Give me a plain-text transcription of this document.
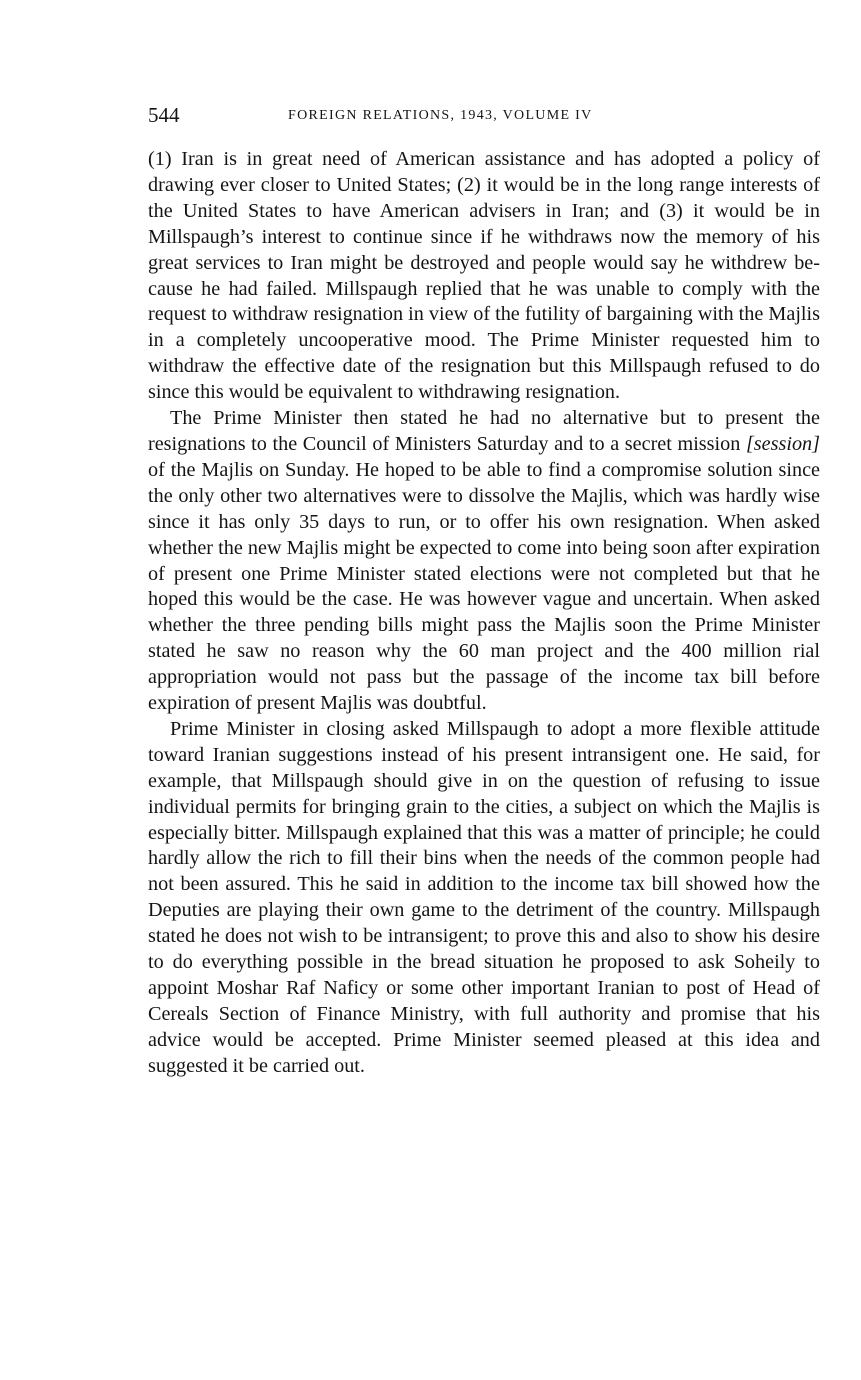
544	FOREIGN RELATIONS, 1943, VOLUME IV

(1) Iran is in great need of American assistance and has adopted a policy of drawing ever closer to United States; (2) it would be in the long range interests of the United States to have American advisers in Iran; and (3) it would be in Millspaugh’s interest to continue since if he withdraws now the memory of his great services to Iran might be destroyed and people would say he withdrew because he had failed. Millspaugh replied that he was unable to comply with the request to withdraw resignation in view of the futility of bargaining with the Majlis in a completely uncooperative mood. The Prime Minister requested him to withdraw the effective date of the resignation but this Millspaugh refused to do since this would be equivalent to withdrawing resignation.

The Prime Minister then stated he had no alternative but to present the resignations to the Council of Ministers Saturday and to a secret mission [session] of the Majlis on Sunday. He hoped to be able to find a compromise solution since the only other two alternatives were to dissolve the Majlis, which was hardly wise since it has only 35 days to run, or to offer his own resignation. When asked whether the new Majlis might be expected to come into being soon after expiration of present one Prime Minister stated elections were not completed but that he hoped this would be the case. He was however vague and uncertain. When asked whether the three pending bills might pass the Majlis soon the Prime Minister stated he saw no reason why the 60 man project and the 400 million rial appropriation would not pass but the passage of the income tax bill before expiration of present Majlis was doubtful.

Prime Minister in closing asked Millspaugh to adopt a more flexible attitude toward Iranian suggestions instead of his present intransigent one. He said, for example, that Millspaugh should give in on the question of refusing to issue individual permits for bringing grain to the cities, a subject on which the Majlis is especially bitter. Millspaugh explained that this was a matter of principle; he could hardly allow the rich to fill their bins when the needs of the common people had not been assured. This he said in addition to the income tax bill showed how the Deputies are playing their own game to the detriment of the country. Millspaugh stated he does not wish to be intransigent; to prove this and also to show his desire to do everything possible in the bread situation he proposed to ask Soheily to appoint Moshar Raf Naficy or some other important Iranian to post of Head of Cereals Section of Finance Ministry, with full authority and promise that his advice would be accepted. Prime Minister seemed pleased at this idea and suggested it be carried out.
